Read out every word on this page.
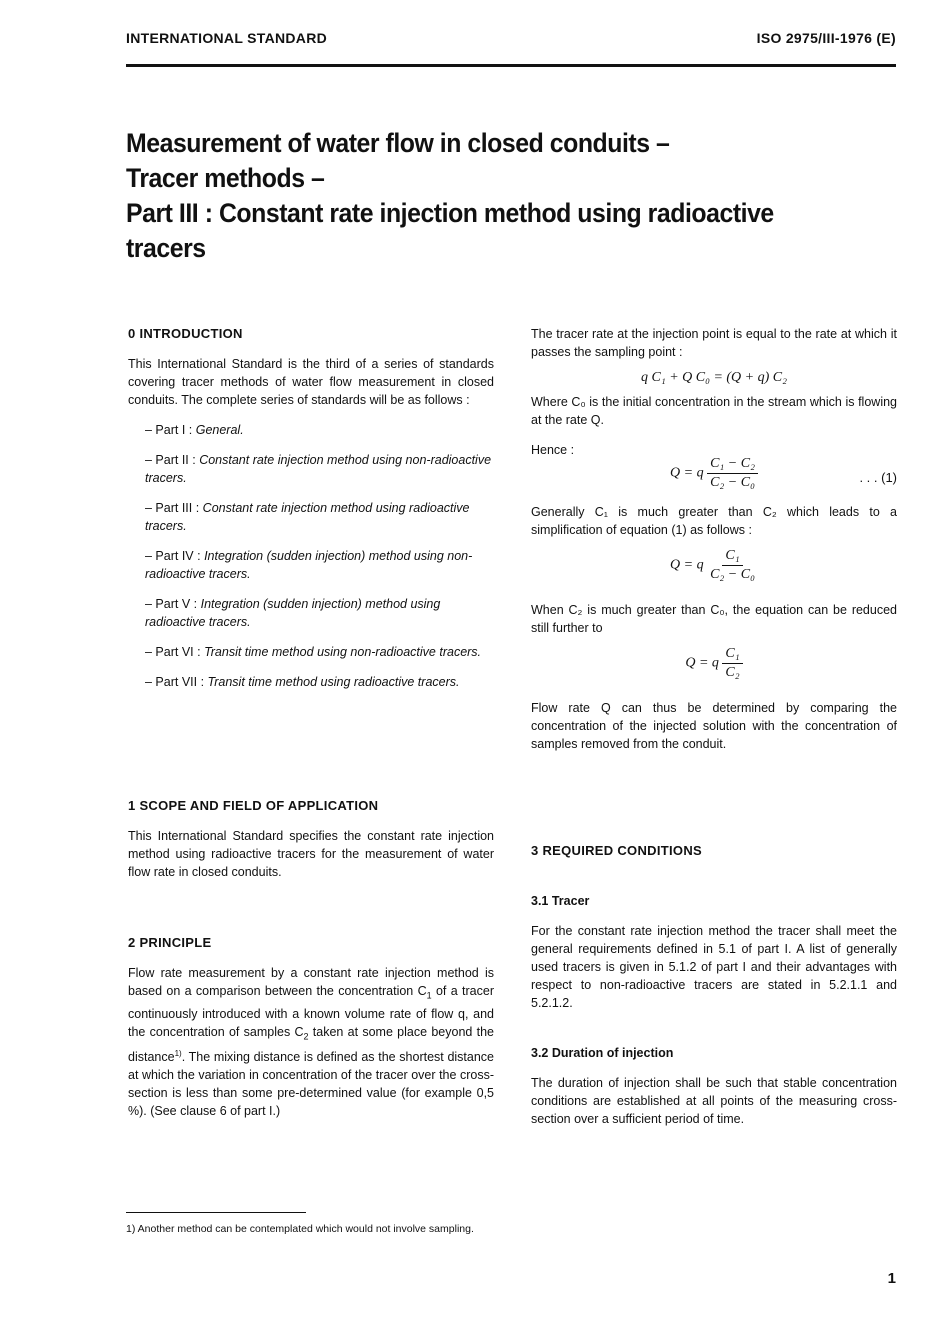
INTERNATIONAL STANDARD	ISO 2975/III-1976 (E)
Measurement of water flow in closed conduits –
Tracer methods –
Part III : Constant rate injection method using radioactive
tracers

0 INTRODUCTION

This International Standard is the third of a series of standards covering tracer methods of water flow measurement in closed conduits. The complete series of standards will be as follows :

– Part I : General.

– Part II : Constant rate injection method using non-radioactive tracers.

– Part III : Constant rate injection method using radioactive tracers.

– Part IV : Integration (sudden injection) method using non-radioactive tracers.

– Part V : Integration (sudden injection) method using radioactive tracers.

– Part VI : Transit time method using non-radioactive tracers.

– Part VII : Transit time method using radioactive tracers.

1 SCOPE AND FIELD OF APPLICATION

This International Standard specifies the constant rate injection method using radioactive tracers for the measurement of water flow rate in closed conduits.

2 PRINCIPLE

Flow rate measurement by a constant rate injection method is based on a comparison between the concentration $C_1$ of a tracer continuously introduced with a known volume rate of flow q, and the concentration of samples $C_2$ taken at some place beyond the distance$^{1)}$. The mixing distance is defined as the shortest distance at which the variation in concentration of the tracer over the cross-section is less than some pre-determined value (for example 0,5 %). (See clause 6 of part I.)

The tracer rate at the injection point is equal to the rate at which it passes the sampling point :

q C₁ + Q C₀ = (Q + q) C₂

Where C₀ is the initial concentration in the stream which is flowing at the rate Q.

Hence :

Q = q $\frac{\text{C₁ − C₂}}{\text{C₂ − C₀}}$	. . . (1)

Generally C₁ is much greater than C₂ which leads to a simplification of equation (1) as follows :

Q = q $\frac{\text{C₁}}{\text{C₂ − C₀}}$

When C₂ is much greater than C₀, the equation can be reduced still further to

Q = q $\frac{\text{C₁}}{\text{C₂}}$

Flow rate Q can thus be determined by comparing the concentration of the injected solution with the concentration of samples removed from the conduit.

3 REQUIRED CONDITIONS

3.1 Tracer

For the constant rate injection method the tracer shall meet the general requirements defined in 5.1 of part I. A list of generally used tracers is given in 5.1.2 of part I and their advantages with respect to non-radioactive tracers are stated in 5.2.1.1 and 5.2.1.2.

3.2 Duration of injection

The duration of injection shall be such that stable concentration conditions are established at all points of the measuring cross-section over a sufficient period of time.

1) Another method can be contemplated which would not involve sampling.
1
